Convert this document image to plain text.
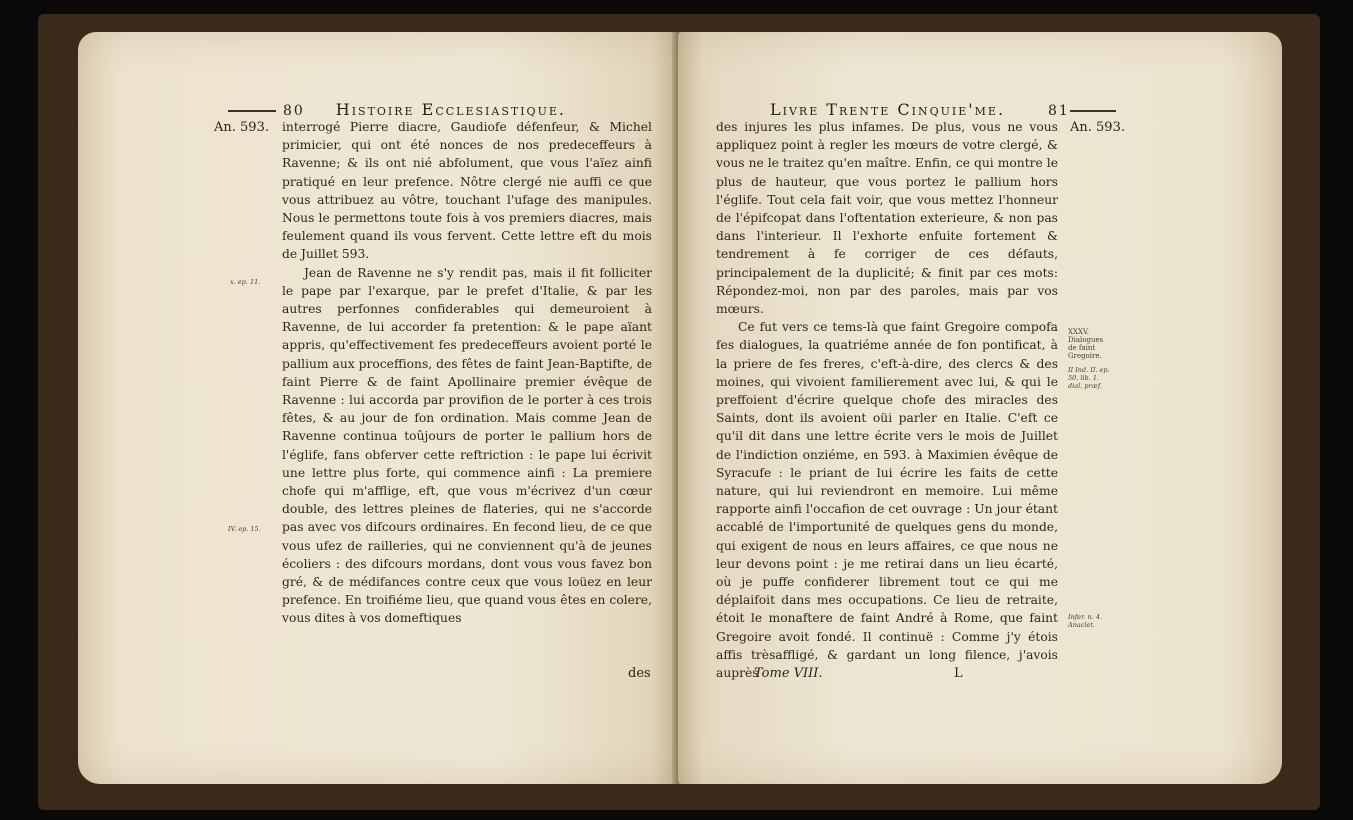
80 Histoire Ecclesiastique.
An. 593.
x. ep. 11.
IV. ep. 15.

interrogé Pierre diacre, Gaudiofe défenfeur, & Michel primicier, qui ont été nonces de nos predeceffeurs à Ravenne; & ils ont nié abfolument, que vous l'aïez ainfi pratiqué en leur prefence. Nôtre clergé nie auffi ce que vous attribuez au vôtre, touchant l'ufage des manipules. Nous le permettons toute fois à vos premiers diacres, mais feulement quand ils vous fervent. Cette lettre eft du mois de Juillet 593.

Jean de Ravenne ne s'y rendit pas, mais il fit folliciter le pape par l'exarque, par le prefet d'Italie, & par les autres perfonnes confiderables qui demeuroient à Ravenne, de lui accorder fa pretention: & le pape aïant appris, qu'effectivement fes predeceffeurs avoient porté le pallium aux proceffions, des fêtes de faint Jean-Baptifte, de faint Pierre & de faint Apollinaire premier évêque de Ravenne : lui accorda par provifion de le porter à ces trois fêtes, & au jour de fon ordination. Mais comme Jean de Ravenne continua toûjours de porter le pallium hors de l'églife, fans obferver cette reftriction : le pape lui écrivit une lettre plus forte, qui commence ainfi : La premiere chofe qui m'afflige, eft, que vous m'écrivez d'un cœur double, des lettres pleines de flateries, qui ne s'accorde pas avec vos difcours ordinaires. En fecond lieu, de ce que vous ufez de railleries, qui ne conviennent qu'à de jeunes écoliers : des difcours mordans, dont vous vous favez bon gré, & de médifances contre ceux que vous loüez en leur prefence. En troifiéme lieu, que quand vous êtes en colere, vous dites à vos domeftiques

des
Livre Trente Cinquie'me.	81
An. 593.
XXXV. Dialogues de faint Gregoire.
II Ind. II. ep. 50. lib. 1. dial. præf.
Infer. n. 4. Anaclet.

des injures les plus infames. De plus, vous ne vous appliquez point à regler les mœurs de votre clergé, & vous ne le traitez qu'en maître. Enfin, ce qui montre le plus de hauteur, que vous portez le pallium hors l'églife. Tout cela fait voir, que vous mettez l'honneur de l'épifcopat dans l'oftentation exterieure, & non pas dans l'interieur. Il l'exhorte enfuite fortement & tendrement à fe corriger de ces défauts, principalement de la duplicité; & finit par ces mots: Répondez-moi, non par des paroles, mais par vos mœurs.

Ce fut vers ce tems-là que faint Gregoire compofa fes dialogues, la quatriéme année de fon pontificat, à la priere de fes freres, c'eft-à-dire, des clercs & des moines, qui vivoient familierement avec lui, & qui le preffoient d'écrire quelque chofe des miracles des Saints, dont ils avoient oüi parler en Italie. C'eft ce qu'il dit dans une lettre écrite vers le mois de Juillet de l'indiction onziéme, en 593. à Maximien évêque de Syracufe : le priant de lui écrire les faits de cette nature, qui lui reviendront en memoire. Lui même rapporte ainfi l'occafion de cet ouvrage : Un jour étant accablé de l'importunité de quelques gens du monde, qui exigent de nous en leurs affaires, ce que nous ne leur devons point : je me retirai dans un lieu écarté, où je puffe confiderer librement tout ce qui me déplaifoit dans mes occupations. Ce lieu de retraite, étoit le monaftere de faint André à Rome, que faint Gregoire avoit fondé. Il continuë : Comme j'y étois affis trèsaffligé, & gardant un long filence, j'avois auprès

Tome VIII.	L
